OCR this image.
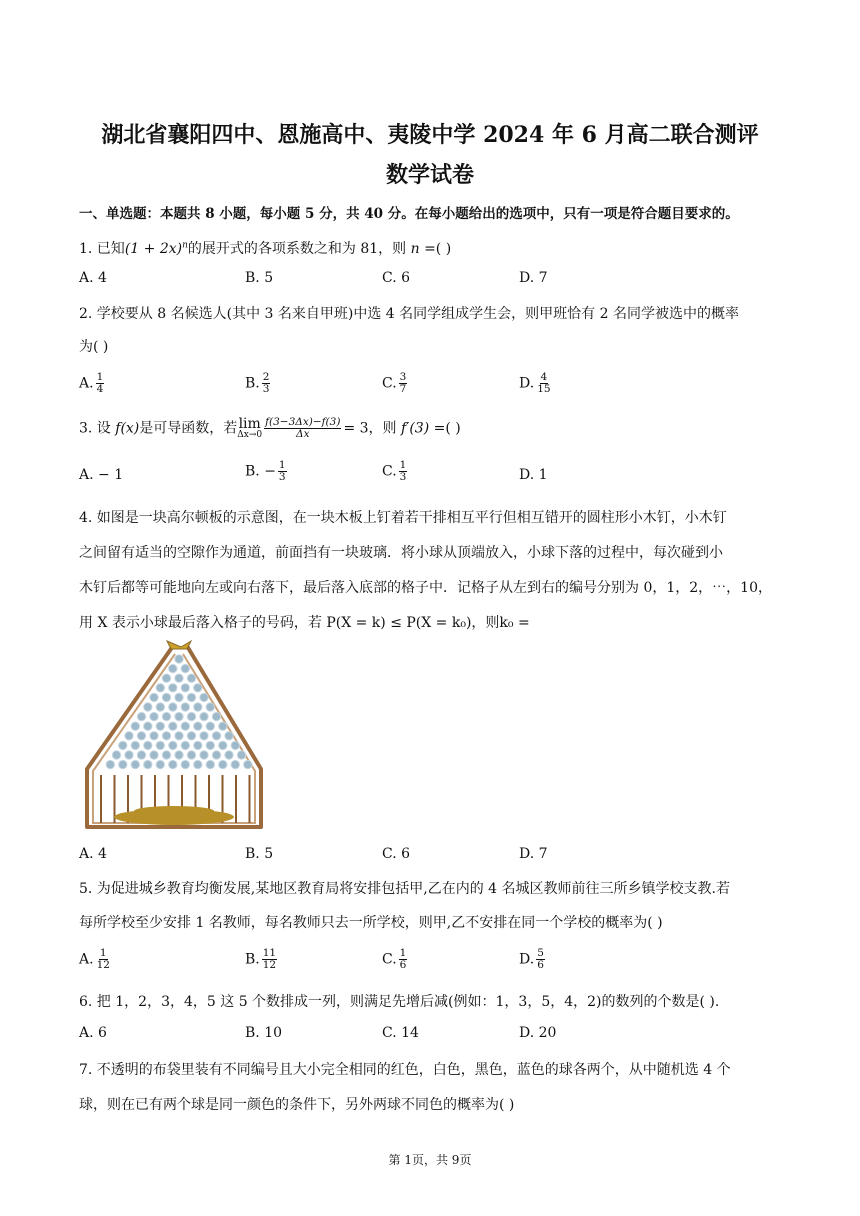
湖北省襄阳四中、恩施高中、夷陵中学 2024 年 6 月高二联合测评
数学试卷
一、单选题：本题共 8 小题，每小题 5 分，共 40 分。在每小题给出的选项中，只有一项是符合题目要求的。
1. 已知$(1 + 2x)^n$的展开式的各项系数之和为 81，则 n =( )
A. 4	B. 5	C. 6	D. 7
2. 学校要从 8 名候选人(其中 3 名来自甲班)中选 4 名同学组成学生会，则甲班恰有 2 名同学被选中的概率
为( )
A. $\frac{1}{4}$	B. $\frac{2}{3}$	C. $\frac{3}{7}$	D. $\frac{4}{15}$
3. 设 f(x)是可导函数，若 lim
$\Delta x\to 0 \frac{f(3-3\Delta x)-f(3)}{\Delta x} = 3$，则 f′(3) =( )
A. − 1	B. − $\frac{1}{3}$	C. $\frac{1}{3}$	D. 1
4. 如图是一块高尔顿板的示意图，在一块木板上钉着若干排相互平行但相互错开的圆柱形小木钉，小木钉
之间留有适当的空隙作为通道，前面挡有一块玻璃．将小球从顶端放入，小球下落的过程中，每次碰到小
木钉后都等可能地向左或向右落下，最后落入底部的格子中．记格子从左到右的编号分别为 0，1，2，⋯，10，
用 X 表示小球最后落入格子的号码，若 P(X = k) ≤ P(X = k₀)，则k₀ =
A. 4	B. 5	C. 6	D. 7
5. 为促进城乡教育均衡发展,某地区教育局将安排包括甲,乙在内的 4 名城区教师前往三所乡镇学校支教.若
每所学校至少安排 1 名教师，每名教师只去一所学校，则甲,乙不安排在同一个学校的概率为( )
A. $\frac{1}{12}$	B. $\frac{11}{12}$	C. $\frac{1}{6}$	D. $\frac{5}{6}$
6. 把 1，2，3，4，5 这 5 个数排成一列，则满足先增后减(例如：1，3，5，4，2)的数列的个数是( ).
A. 6	B. 10	C. 14	D. 20
7. 不透明的布袋里装有不同编号且大小完全相同的红色，白色，黑色，蓝色的球各两个，从中随机选 4 个
球，则在已有两个球是同一颜色的条件下，另外两球不同色的概率为( )
第 1页，共 9页
